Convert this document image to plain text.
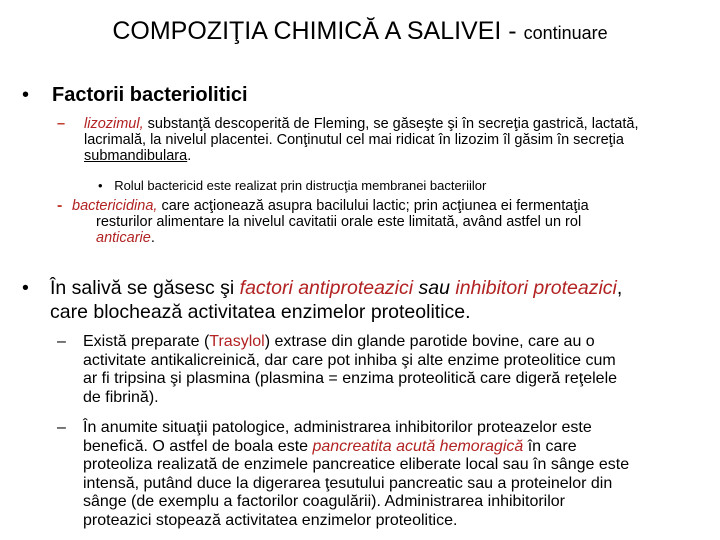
COMPOZIŢIA CHIMICĂ A SALIVEI - continuare
• Factorii bacteriolitici
– lizozimul, substanţă descoperită de Fleming, se găseşte şi în secreţia gastrică, lactată,
lacrimală, la nivelul placentei. Conţinutul cel mai ridicat în lizozim îl găsim în secreţia
submandibulara.
• Rolul bactericid este realizat prin distrucţia membranei bacteriilor
- bactericidina, care acţionează asupra bacilului lactic; prin acţiunea ei fermentaţia
resturilor alimentare la nivelul cavitatii orale este limitată, având astfel un rol
anticarie.
• În salivă se găsesc şi factori antiproteazici sau inhibitori proteazici,
care blochează activitatea enzimelor proteolitice.
– Există preparate (Trasylol) extrase din glande parotide bovine, care au o
activitate antikalicreinică, dar care pot inhiba şi alte enzime proteolitice cum
ar fi tripsina şi plasmina (plasmina = enzima proteolitică care digeră reţelele
de fibrină).
– În anumite situaţii patologice, administrarea inhibitorilor proteazelor este
benefică. O astfel de boala este pancreatita acută hemoragică în care
proteoliza realizată de enzimele pancreatice eliberate local sau în sânge este
intensă, putând duce la digerarea ţesutului pancreatic sau a proteinelor din
sânge (de exemplu a factorilor coagulării). Administrarea inhibitorilor
proteazici stopează activitatea enzimelor proteolitice.
